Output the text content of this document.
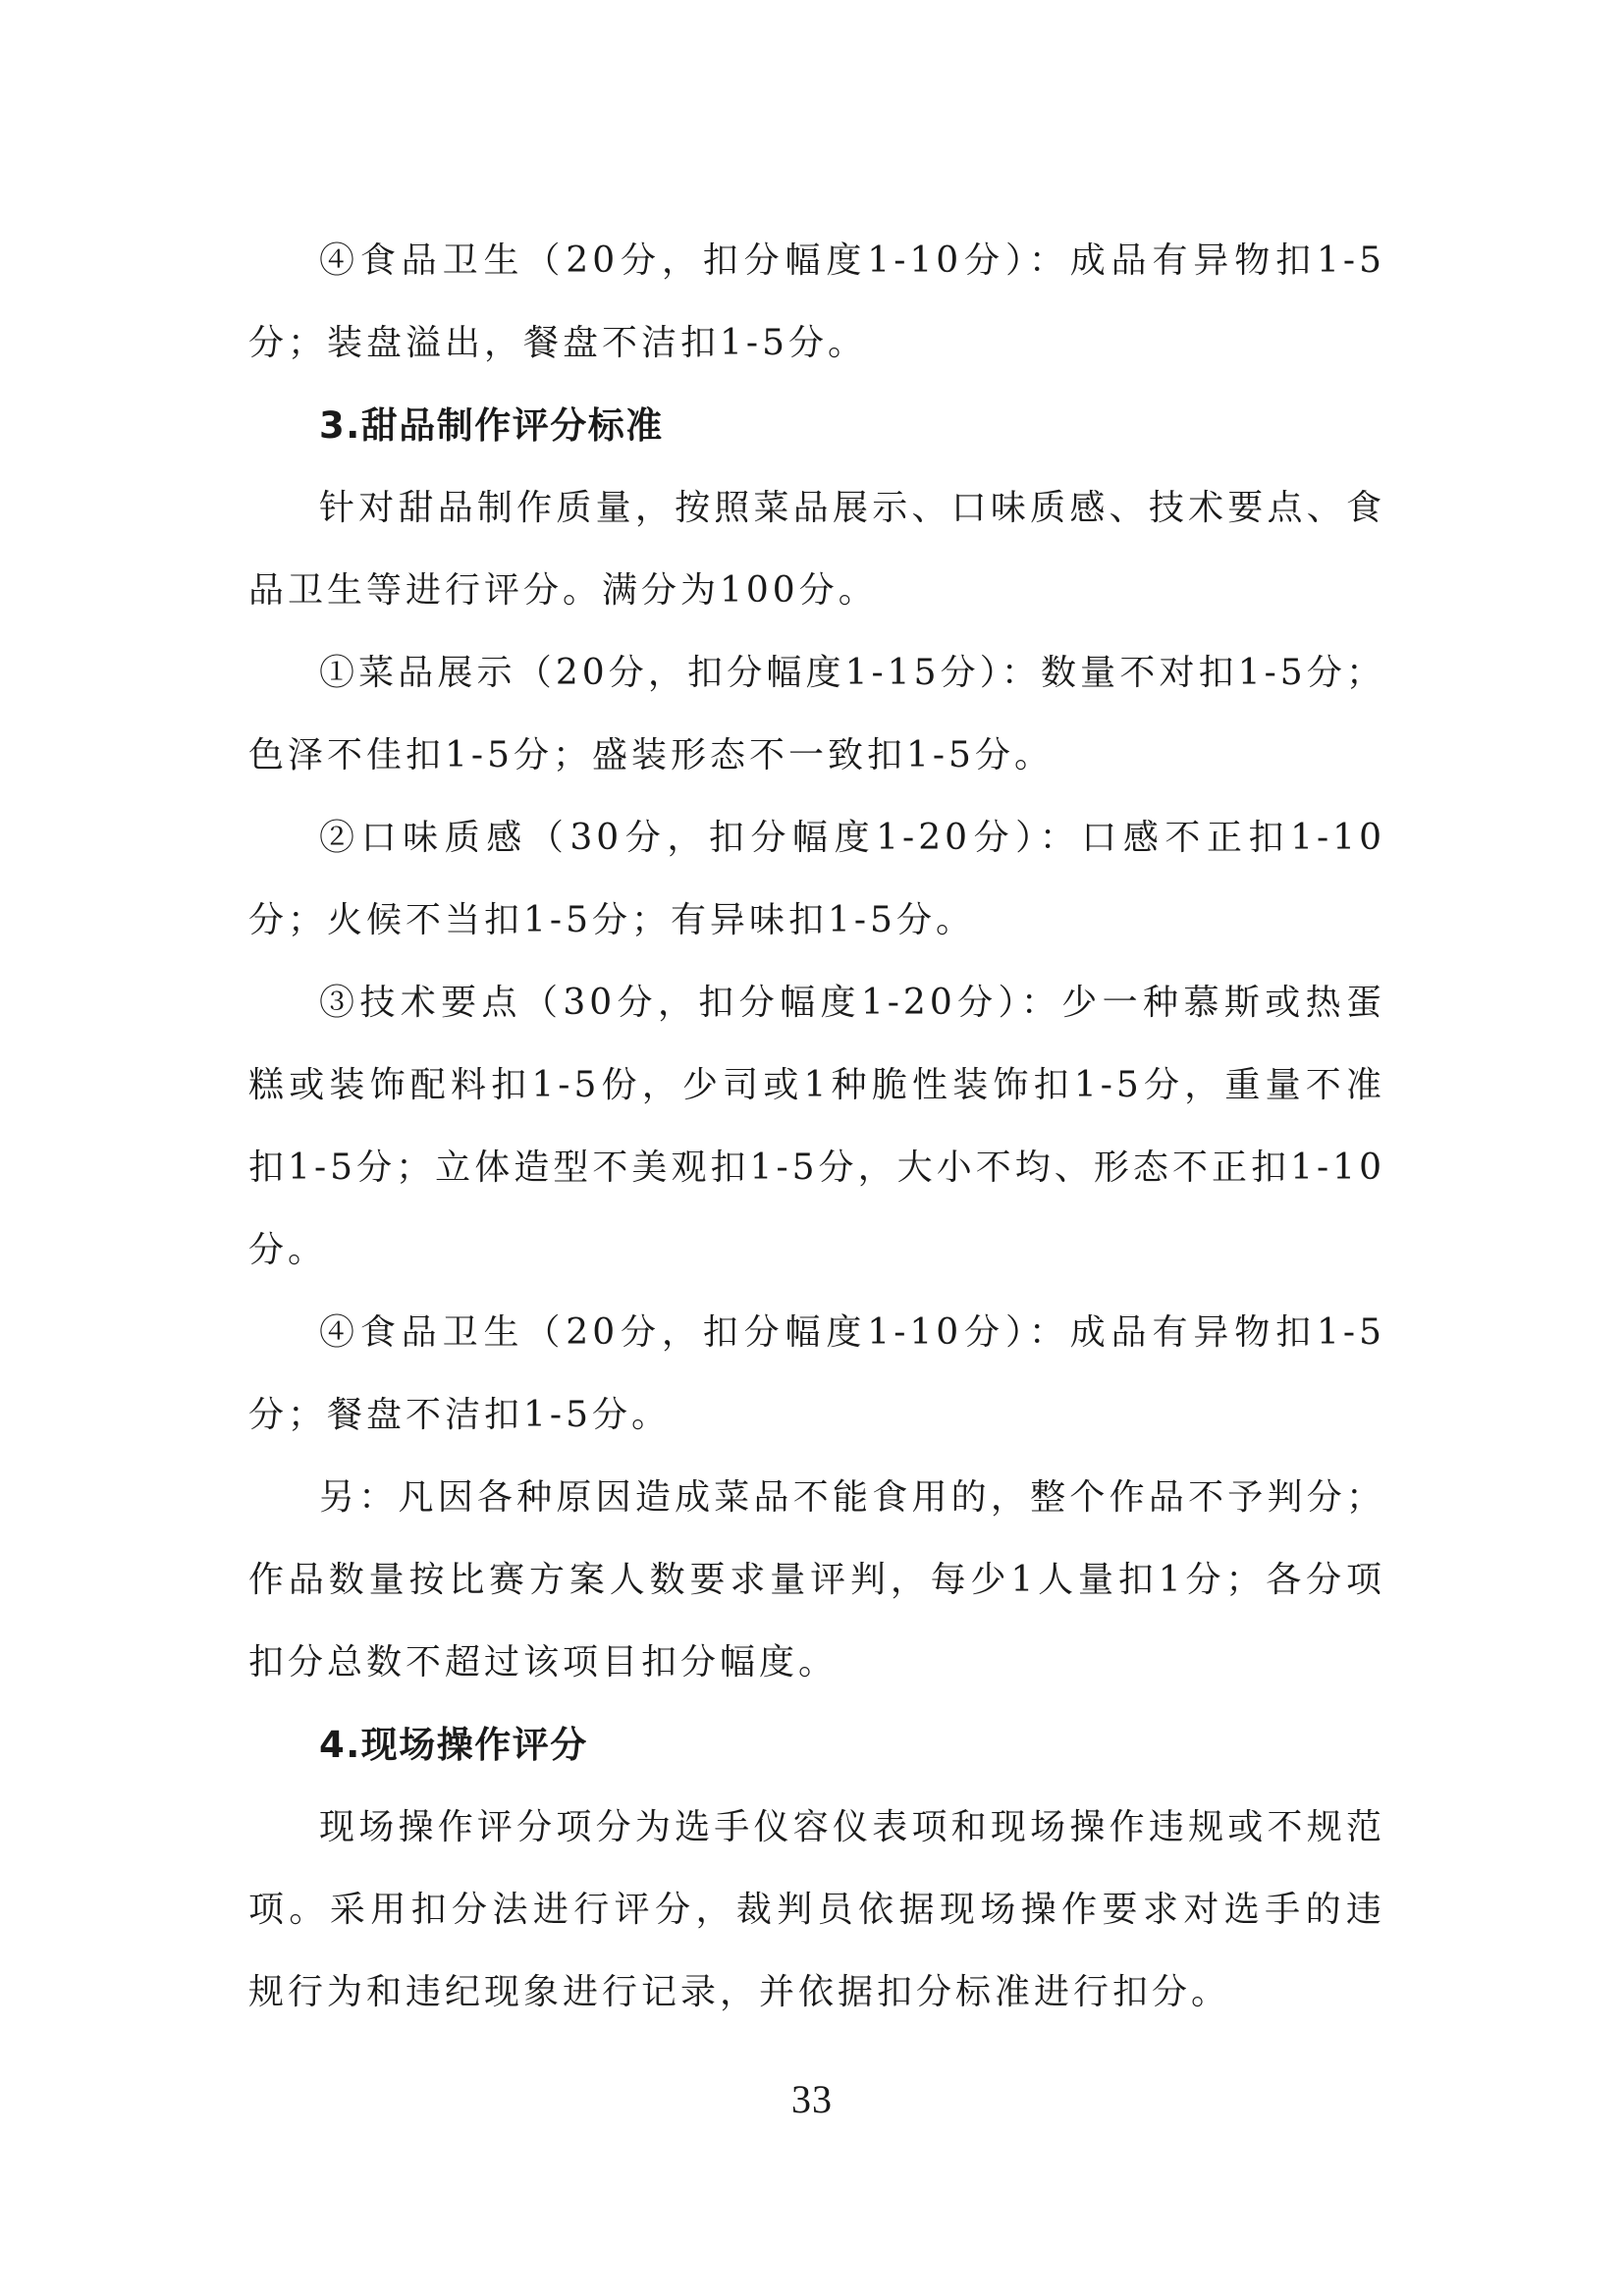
④食品卫生（20分，扣分幅度1-10分）：成品有异物扣1-5分；装盘溢出，餐盘不洁扣1-5分。

3.甜品制作评分标准

针对甜品制作质量，按照菜品展示、口味质感、技术要点、食品卫生等进行评分。满分为100分。

①菜品展示（20分，扣分幅度1-15分）：数量不对扣1-5分；色泽不佳扣1-5分；盛装形态不一致扣1-5分。

②口味质感（30分，扣分幅度1-20分）：口感不正扣1-10分；火候不当扣1-5分；有异味扣1-5分。

③技术要点（30分，扣分幅度1-20分）：少一种慕斯或热蛋糕或装饰配料扣1-5份，少司或1种脆性装饰扣1-5分，重量不准扣1-5分；立体造型不美观扣1-5分，大小不均、形态不正扣1-10分。

④食品卫生（20分，扣分幅度1-10分）：成品有异物扣1-5分；餐盘不洁扣1-5分。

另：凡因各种原因造成菜品不能食用的，整个作品不予判分；作品数量按比赛方案人数要求量评判，每少1人量扣1分；各分项扣分总数不超过该项目扣分幅度。

4.现场操作评分

现场操作评分项分为选手仪容仪表项和现场操作违规或不规范项。采用扣分法进行评分，裁判员依据现场操作要求对选手的违规行为和违纪现象进行记录，并依据扣分标准进行扣分。

33
